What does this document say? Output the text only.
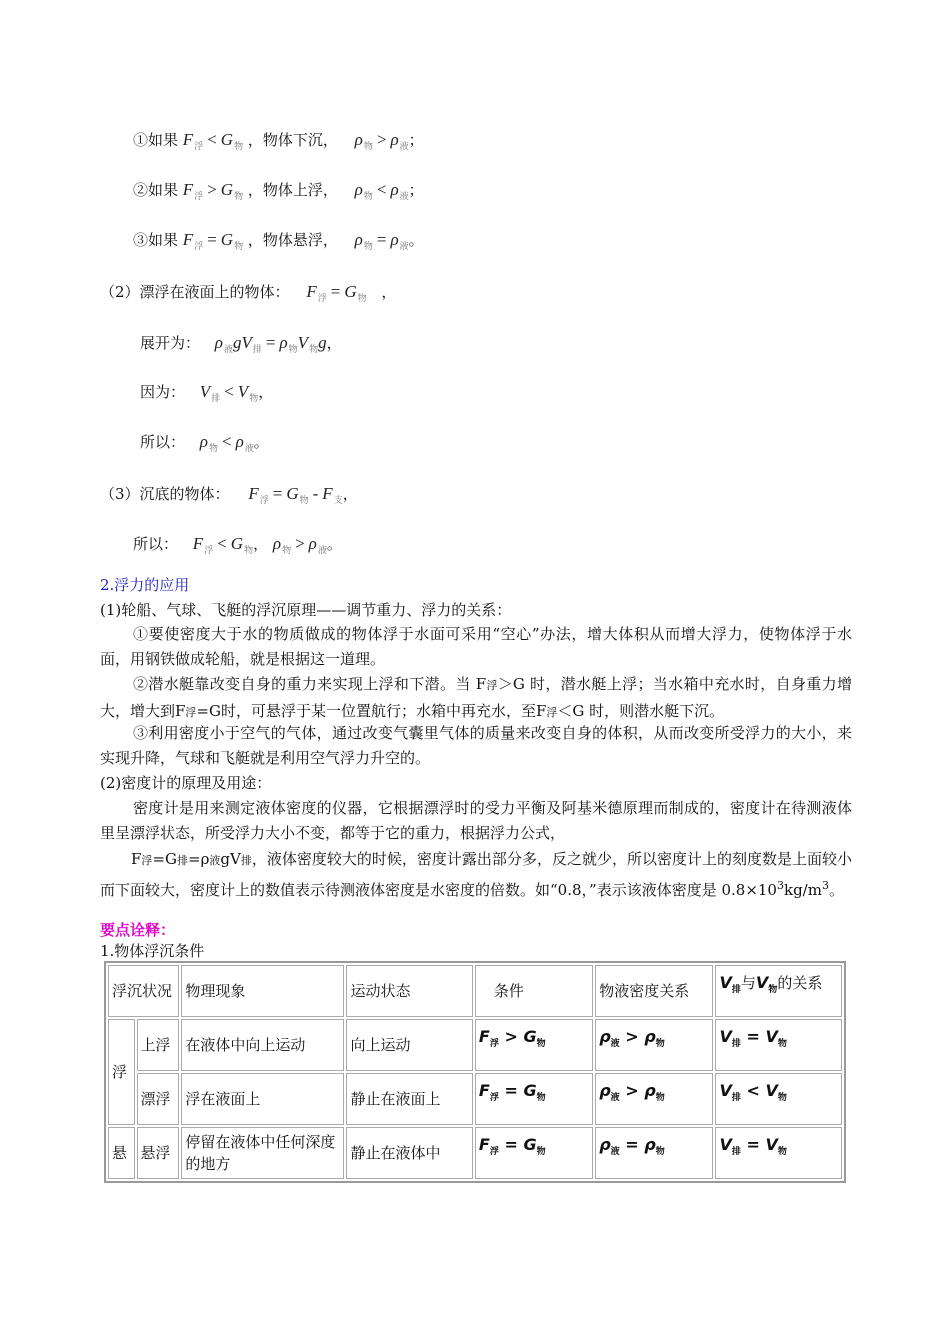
①如果 $F_浮 < G_物$ ，物体下沉， $\rho_物 > \rho_液$；
②如果 $F_浮 > G_物$ ，物体上浮， $\rho_物 < \rho_液$；
③如果 $F_浮 = G_物$ ，物体悬浮， $\rho_物 = \rho_液$。
（2）漂浮在液面上的物体： $F_浮 = G_物$ ，
展开为： $\rho_液gV_排 = \rho_物V_物g$，
因为： $V_排 < V_物$，
所以： $\rho_物 < \rho_液$。
（3）沉底的物体： $F_浮 = G_物 - F_支$，
所以： $F_浮 < G_物$， $\rho_物 > \rho_液$。
2.浮力的应用
(1)轮船、气球、飞艇的浮沉原理——调节重力、浮力的关系：
①要使密度大于水的物质做成的物体浮于水面可采用“空心”办法，增大体积从而增大浮力，使物体浮于水面，用钢铁做成轮船，就是根据这一道理。
②潜水艇靠改变自身的重力来实现上浮和下潜。当 F浮＞G 时，潜水艇上浮；当水箱中充水时，自身重力增大，增大到F浮=G时，可悬浮于某一位置航行；水箱中再充水，至F浮＜G 时，则潜水艇下沉。
③利用密度小于空气的气体，通过改变气囊里气体的质量来改变自身的体积，从而改变所受浮力的大小，来实现升降，气球和飞艇就是利用空气浮力升空的。
(2)密度计的原理及用途：
密度计是用来测定液体密度的仪器，它根据漂浮时的受力平衡及阿基米德原理而制成的，密度计在待测液体里呈漂浮状态，所受浮力大小不变，都等于它的重力，根据浮力公式，
F浮=G排=ρ液gV排，液体密度较大的时候，密度计露出部分多，反之就少，所以密度计上的刻度数是上面较小而下面较大，密度计上的数值表示待测液体密度是水密度的倍数。如“0.8，”表示该液体密度是 $0.8\times 10^3kg/m^3$。
要点诠释：
1.物体浮沉条件
浮沉状况		物理现象	运动状态	条件	物液密度关系	$V_排$与$V_物$的关系
浮	上浮	在液体中向上运动	向上运动	$F_浮 > G_物$	$\rho_液 > \rho_物$	$V_排 = V_物$
	漂浮	浮在液面上	静止在液面上	$F_浮 = G_物$	$\rho_液 > \rho_物$	$V_排 < V_物$
悬	悬浮	停留在液体中任何深度的地方	静止在液体中	$F_浮 = G_物$	$\rho_液 = \rho_物$	$V_排 = V_物$
